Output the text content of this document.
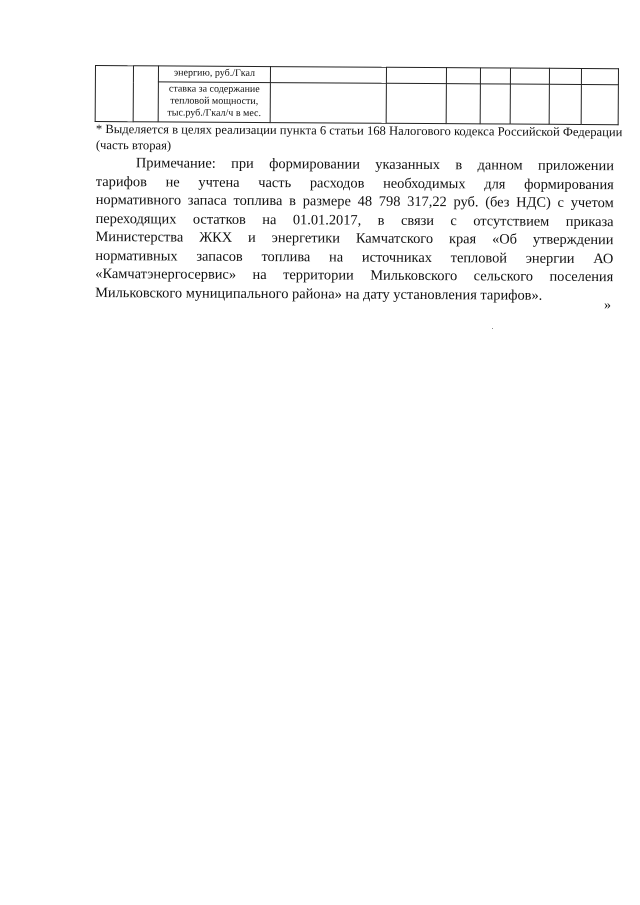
		энергию, руб./Гкал							
		ставка за содержание тепловой мощности, тыс.руб./Гкал/ч в мес.							
* Выделяется в целях реализации пункта 6 статьи 168 Налогового кодекса Российской Федерации (часть вторая)
Примечание: при формировании указанных в данном приложении
тарифов не учтена часть расходов необходимых для формирования
нормативного запаса топлива в размере 48 798 317,22 руб. (без НДС) с учетом
переходящих остатков на 01.01.2017, в связи с отсутствием приказа
Министерства ЖКХ и энергетики Камчатского края «Об утверждении
нормативных запасов топлива на источниках тепловой энергии АО
«Камчатэнергосервис» на территории Мильковского сельского поселения
Мильковского муниципального района» на дату установления тарифов».
»
